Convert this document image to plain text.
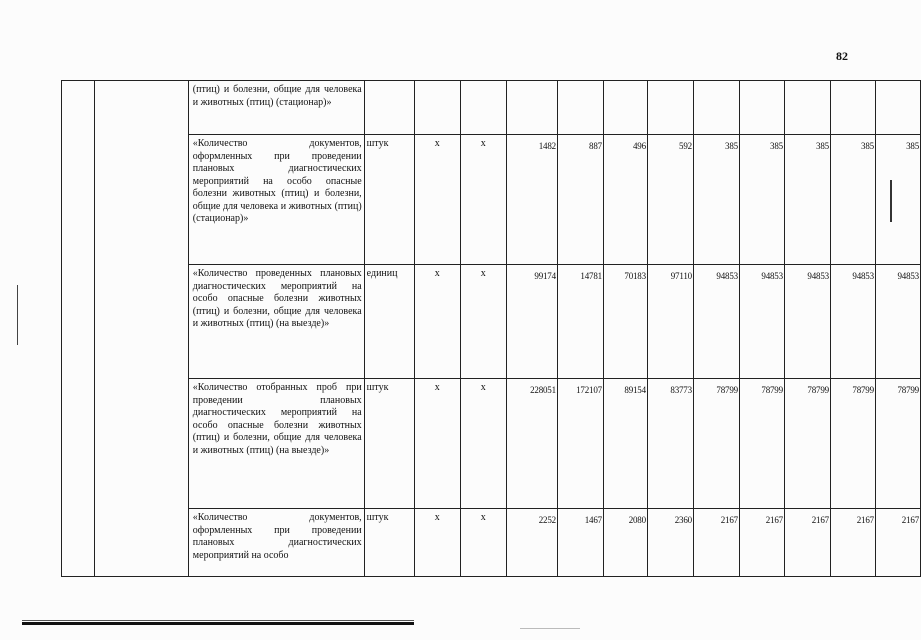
82
		(птиц) и болезни, общие для человека и животных (птиц) (стационар)»												
		«Количество документов, оформленных при проведении плановых диагностических мероприятий на особо опасные болезни животных (птиц) и болезни, общие для человека и животных (птиц) (стационар)»	штук	х	х	1482	887	496	592	385	385	385	385	385
		«Количество проведенных плановых диагностических мероприятий на особо опасные болезни животных (птиц) и болезни, общие для человека и животных (птиц) (на выезде)»	единиц	х	х	99174	14781	70183	97110	94853	94853	94853	94853	94853
		«Количество отобранных проб при проведении плановых диагностических мероприятий на особо опасные болезни животных (птиц) и болезни, общие для человека и животных (птиц) (на выезде)»	штук	х	х	228051	172107	89154	83773	78799	78799	78799	78799	78799
		«Количество документов, оформленных при проведении плановых диагностических мероприятий на особо	штук	х	х	2252	1467	2080	2360	2167	2167	2167	2167	2167
